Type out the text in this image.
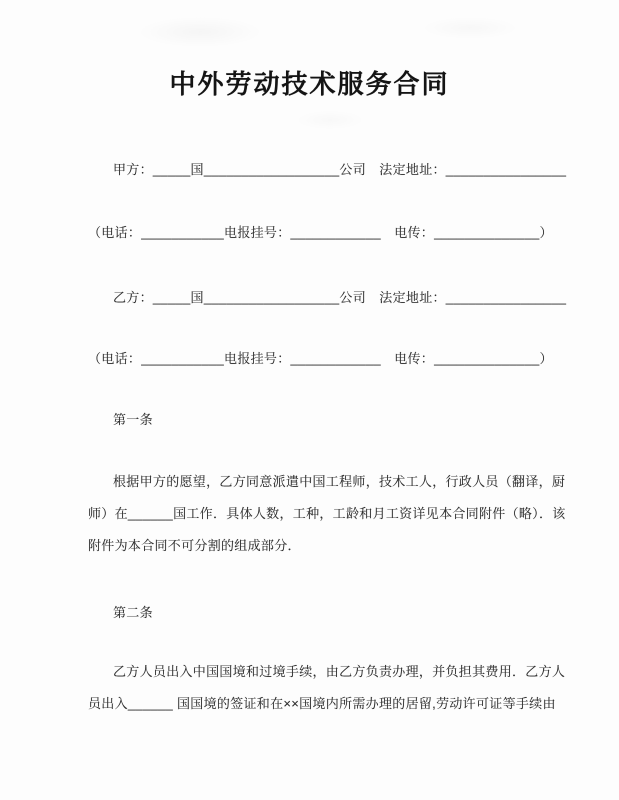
中外劳动技术服务合同
甲方：_____国__________________公司　法定地址：________________
（电话：___________电报挂号：____________　电传：______________）
乙方：_____国__________________公司　法定地址：________________
（电话：___________电报挂号：____________　电传：______________）
第一条
根据甲方的愿望，乙方同意派遣中国工程师，技术工人，行政人员（翻译，厨
师）在______国工作．具体人数，工种，工龄和月工资详见本合同附件（略）．该
附件为本合同不可分割的组成部分．
第二条
乙方人员出入中国国境和过境手续，由乙方负责办理，并负担其费用．乙方人
员出入______ 国国境的签证和在××国境内所需办理的居留,劳动许可证等手续由
